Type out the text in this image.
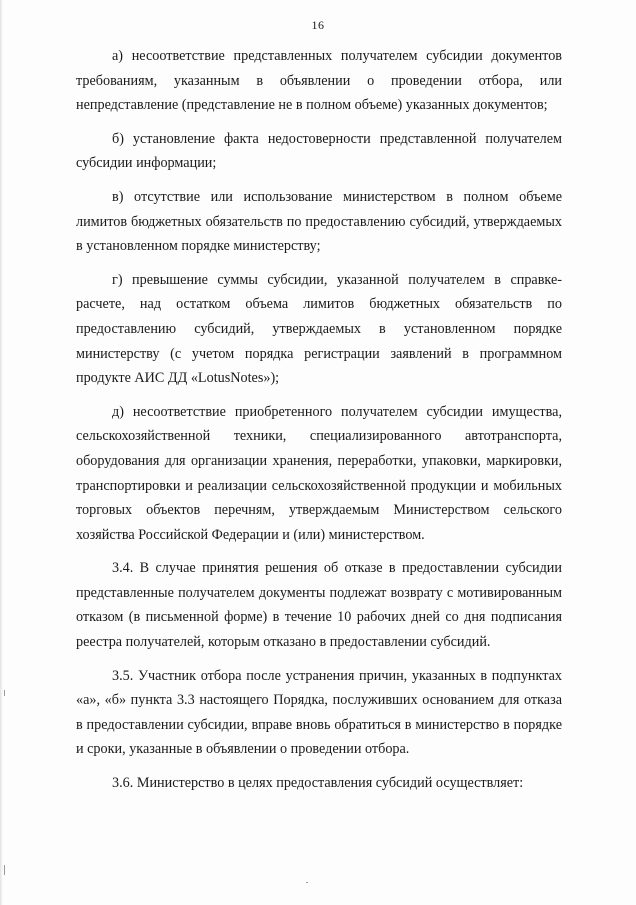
16

а) несоответствие представленных получателем субсидии документов требованиям, указанным в объявлении о проведении отбора, или непредставление (представление не в полном объеме) указанных документов;

б) установление факта недостоверности представленной получателем субсидии информации;

в) отсутствие или использование министерством в полном объеме лимитов бюджетных обязательств по предоставлению субсидий, утверждаемых в установленном порядке министерству;

г) превышение суммы субсидии, указанной получателем в справке-расчете, над остатком объема лимитов бюджетных обязательств по предоставлению субсидий, утверждаемых в установленном порядке министерству (с учетом порядка регистрации заявлений в программном продукте АИС ДД «LotusNotes»);

д) несоответствие приобретенного получателем субсидии имущества, сельскохозяйственной техники, специализированного автотранспорта, оборудования для организации хранения, переработки, упаковки, маркировки, транспортировки и реализации сельскохозяйственной продукции и мобильных торговых объектов перечням, утверждаемым Министерством сельского хозяйства Российской Федерации и (или) министерством.

3.4. В случае принятия решения об отказе в предоставлении субсидии представленные получателем документы подлежат возврату с мотивированным отказом (в письменной форме) в течение 10 рабочих дней со дня подписания реестра получателей, которым отказано в предоставлении субсидий.

3.5. Участник отбора после устранения причин, указанных в подпунктах «а», «б» пункта 3.3 настоящего Порядка, послуживших основанием для отказа в предоставлении субсидии, вправе вновь обратиться в министерство в порядке и сроки, указанные в объявлении о проведении отбора.

3.6. Министерство в целях предоставления субсидий осуществляет:
